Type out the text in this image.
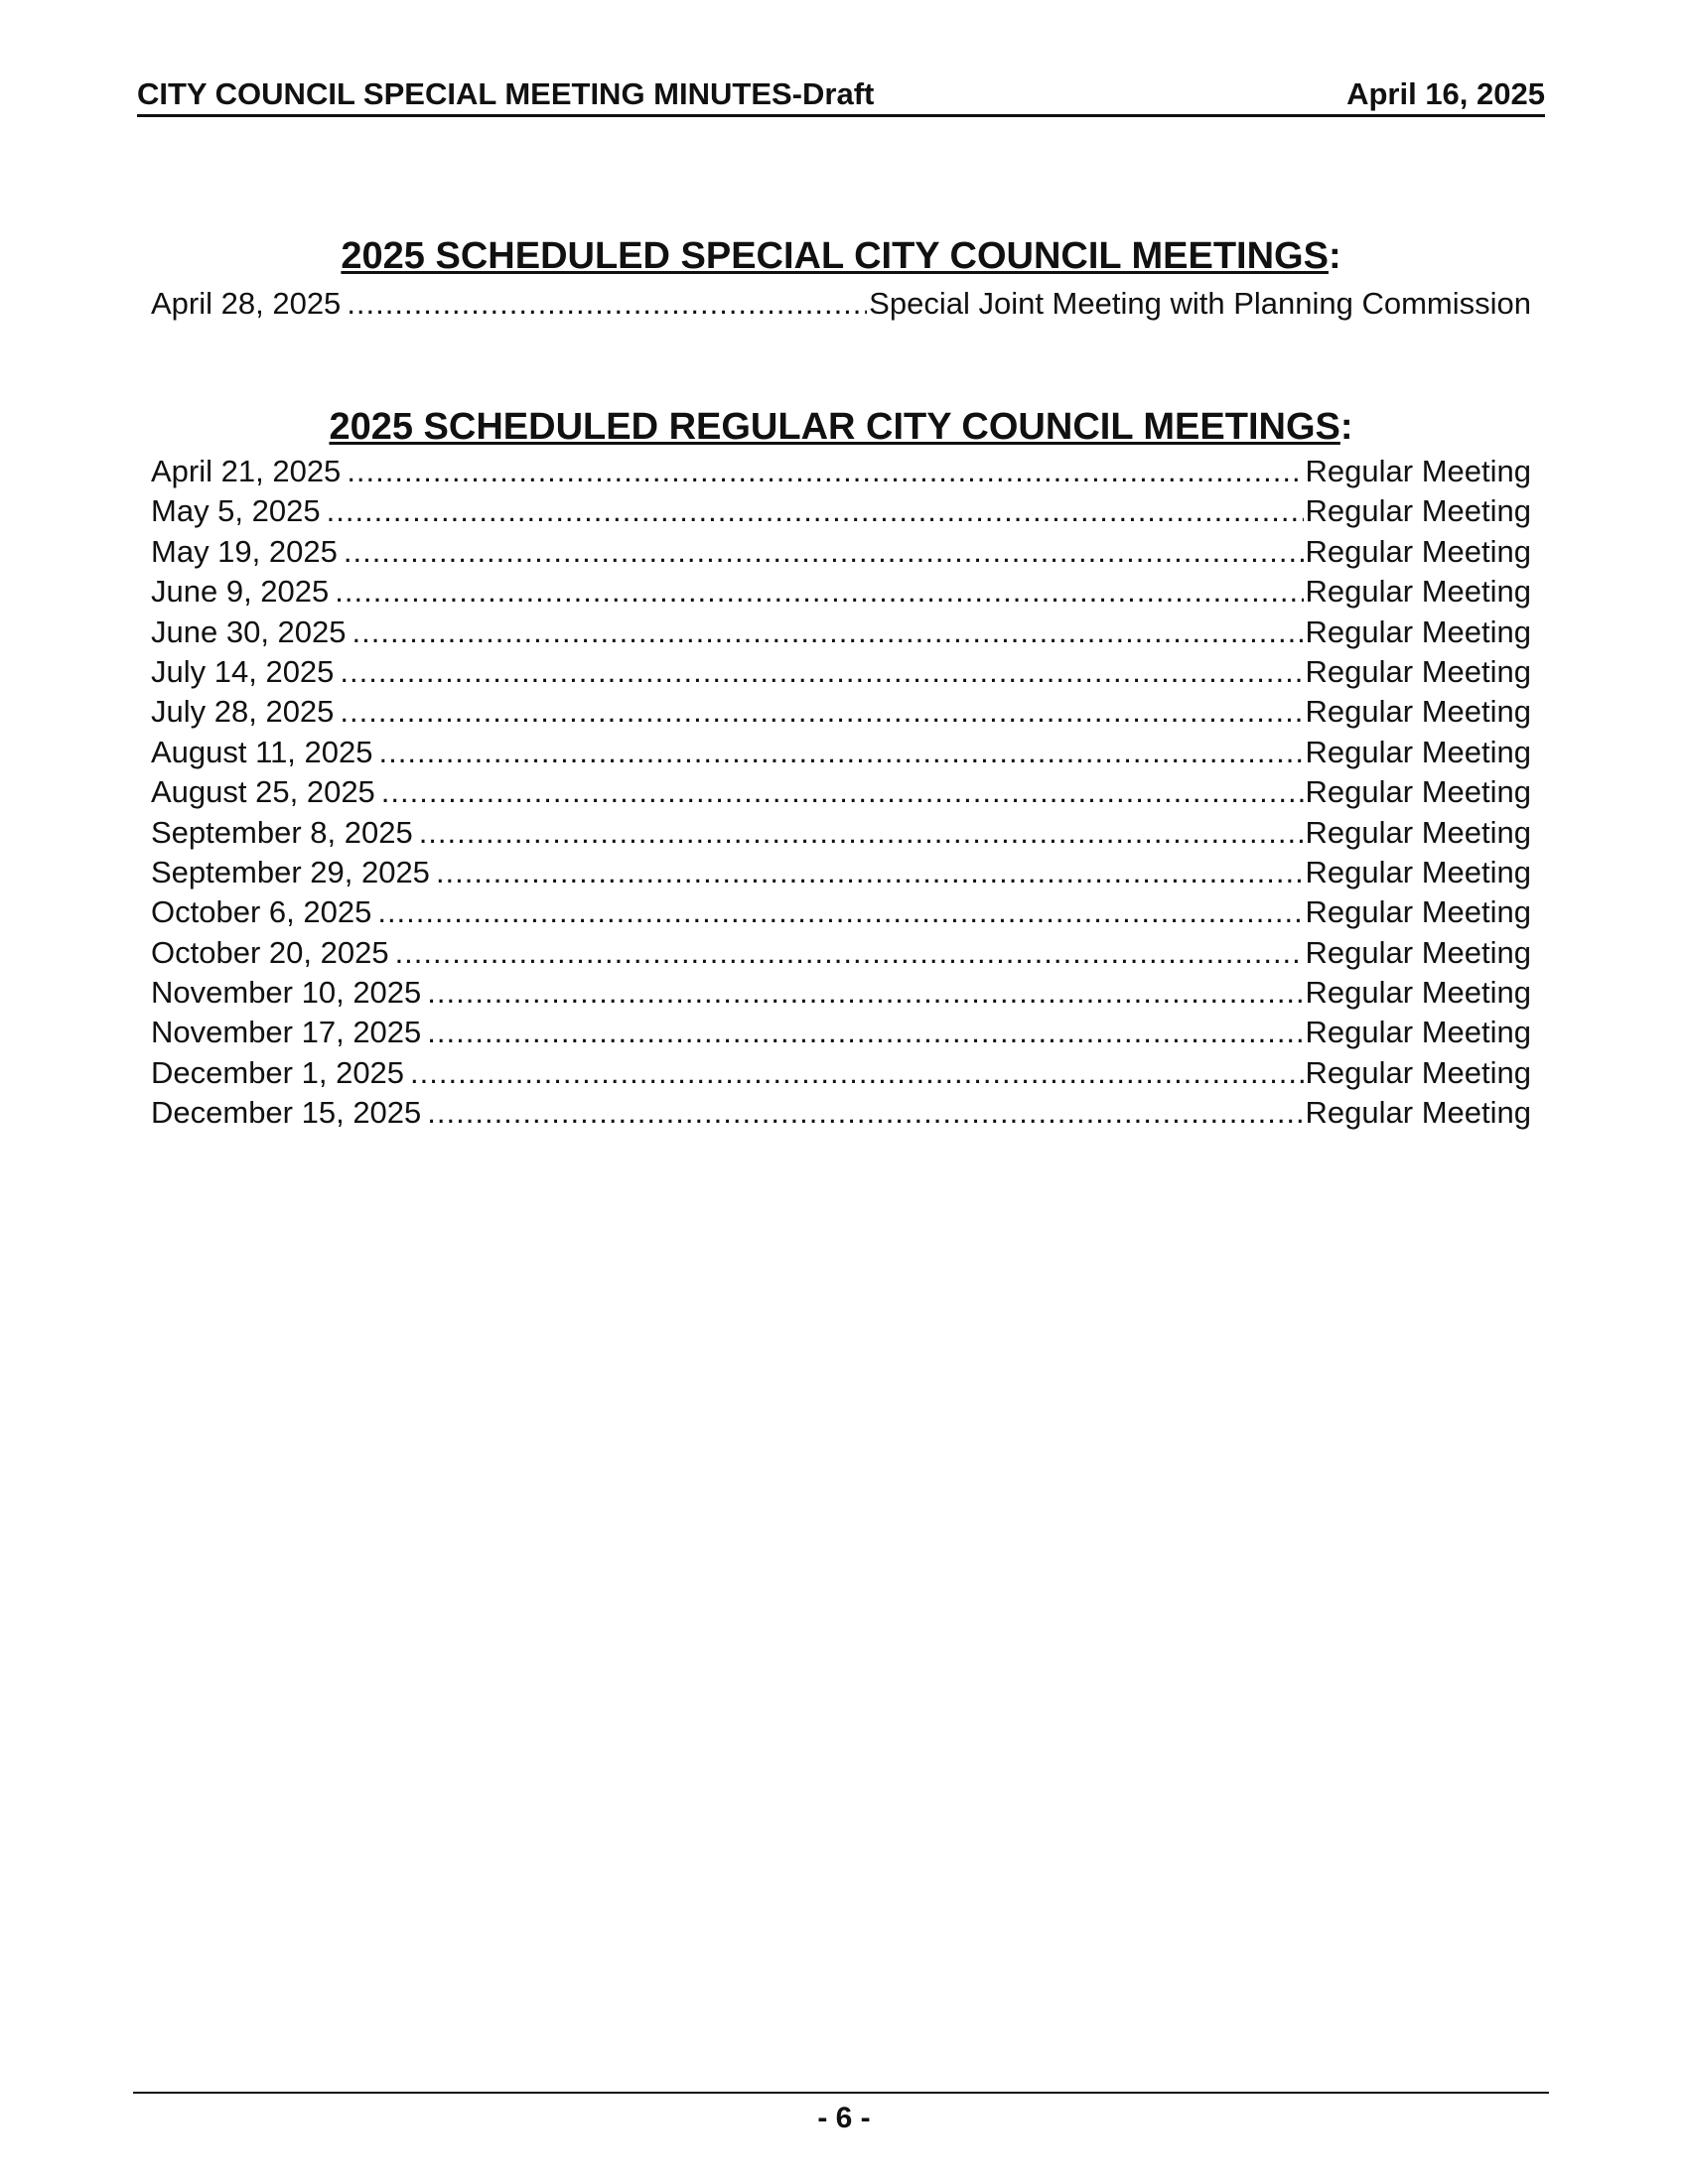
CITY COUNCIL SPECIAL MEETING MINUTES-Draft	April 16, 2025
2025 SCHEDULED SPECIAL CITY COUNCIL MEETINGS:
April 28, 2025 .....	Special Joint Meeting with Planning Commission
2025 SCHEDULED REGULAR CITY COUNCIL MEETINGS:
April 21, 2025 .....	Regular Meeting
May 5, 2025 .....	Regular Meeting
May 19, 2025 .....	Regular Meeting
June 9, 2025 .....	Regular Meeting
June 30, 2025 .....	Regular Meeting
July 14, 2025 .....	Regular Meeting
July 28, 2025 .....	Regular Meeting
August 11, 2025 .....	Regular Meeting
August 25, 2025 .....	Regular Meeting
September 8, 2025 .....	Regular Meeting
September 29, 2025 .....	Regular Meeting
October 6, 2025 .....	Regular Meeting
October 20, 2025 .....	Regular Meeting
November 10, 2025 .....	Regular Meeting
November 17, 2025 .....	Regular Meeting
December 1, 2025 .....	Regular Meeting
December 15, 2025 .....	Regular Meeting
- 6 -
